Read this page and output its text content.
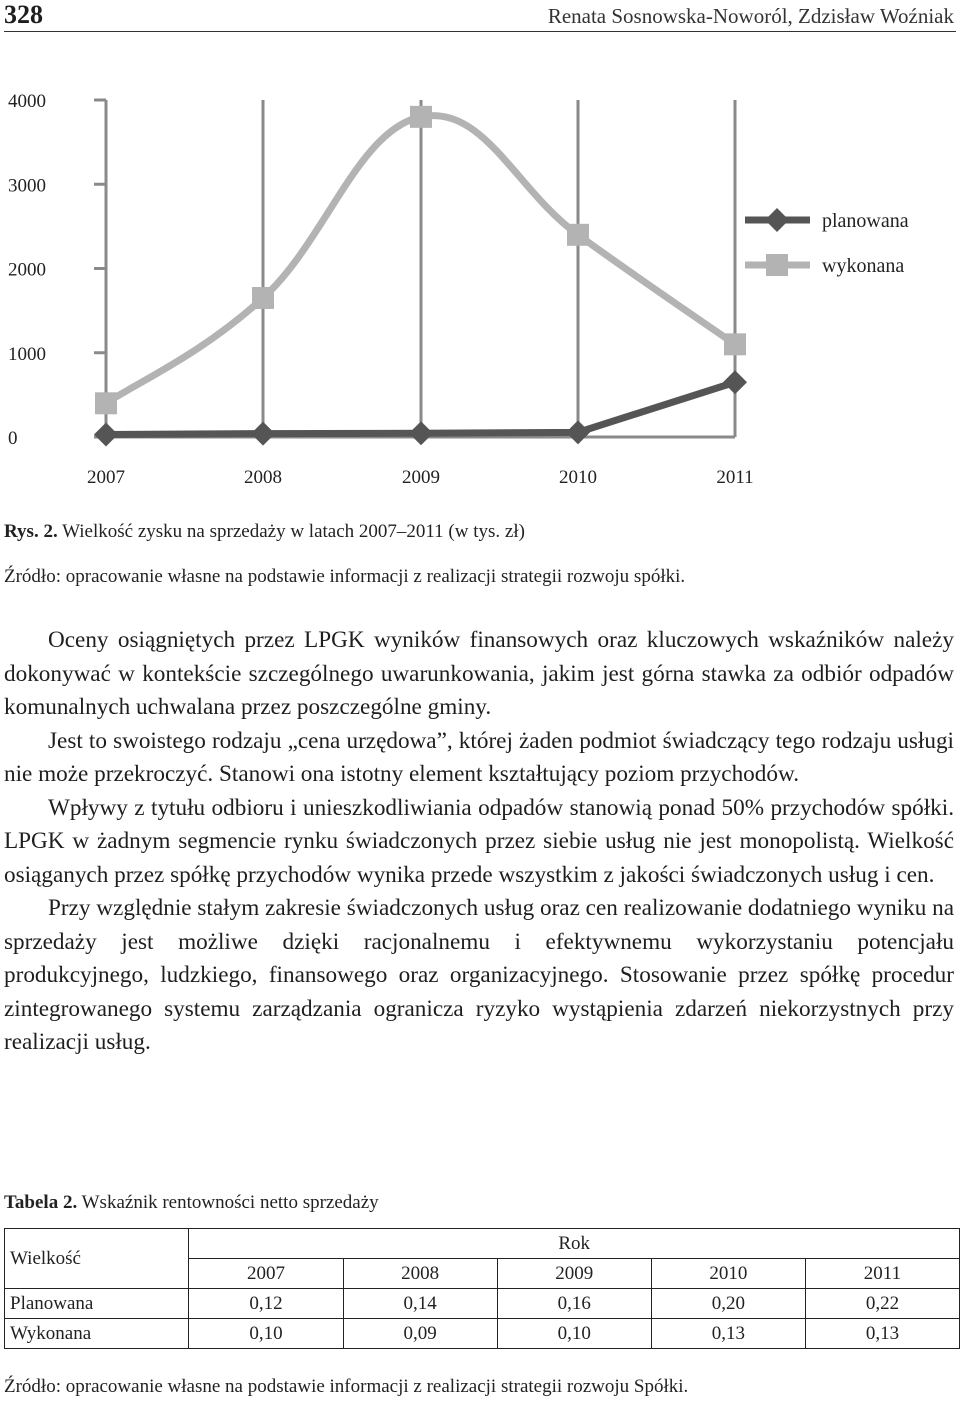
328	Renata Sosnowska-Noworól, Zdzisław Woźniak
4000
3000
2000
1000
0
2007	2008	2009	2010	2011
planowana
wykonana
Rys. 2. Wielkość zysku na sprzedaży w latach 2007–2011 (w tys. zł)
Źródło: opracowanie własne na podstawie informacji z realizacji strategii rozwoju spółki.

Oceny osiągniętych przez LPGK wyników finansowych oraz kluczowych wskaźników należy dokonywać w kontekście szczególnego uwarunkowania, jakim jest górna stawka za odbiór odpadów komunalnych uchwalana przez poszczególne gminy.

Jest to swoistego rodzaju „cena urzędowa”, której żaden podmiot świadczący tego rodzaju usługi nie może przekroczyć. Stanowi ona istotny element kształtujący poziom przychodów.

Wpływy z tytułu odbioru i unieszkodliwiania odpadów stanowią ponad 50% przychodów spółki. LPGK w żadnym segmencie rynku świadczonych przez siebie usług nie jest monopolistą. Wielkość osiąganych przez spółkę przychodów wynika przede wszystkim z jakości świadczonych usług i cen.

Przy względnie stałym zakresie świadczonych usług oraz cen realizowanie dodatniego wyniku na sprzedaży jest możliwe dzięki racjonalnemu i efektywnemu wykorzystaniu potencjału produkcyjnego, ludzkiego, finansowego oraz organizacyjnego. Stosowanie przez spółkę procedur zintegrowanego systemu zarządzania ogranicza ryzyko wystąpienia zdarzeń niekorzystnych przy realizacji usług.

Tabela 2. Wskaźnik rentowności netto sprzedaży
Wielkość	Rok				
	2007	2008	2009	2010	2011
Planowana	0,12	0,14	0,16	0,20	0,22
Wykonana	0,10	0,09	0,10	0,13	0,13
Źródło: opracowanie własne na podstawie informacji z realizacji strategii rozwoju Spółki.
